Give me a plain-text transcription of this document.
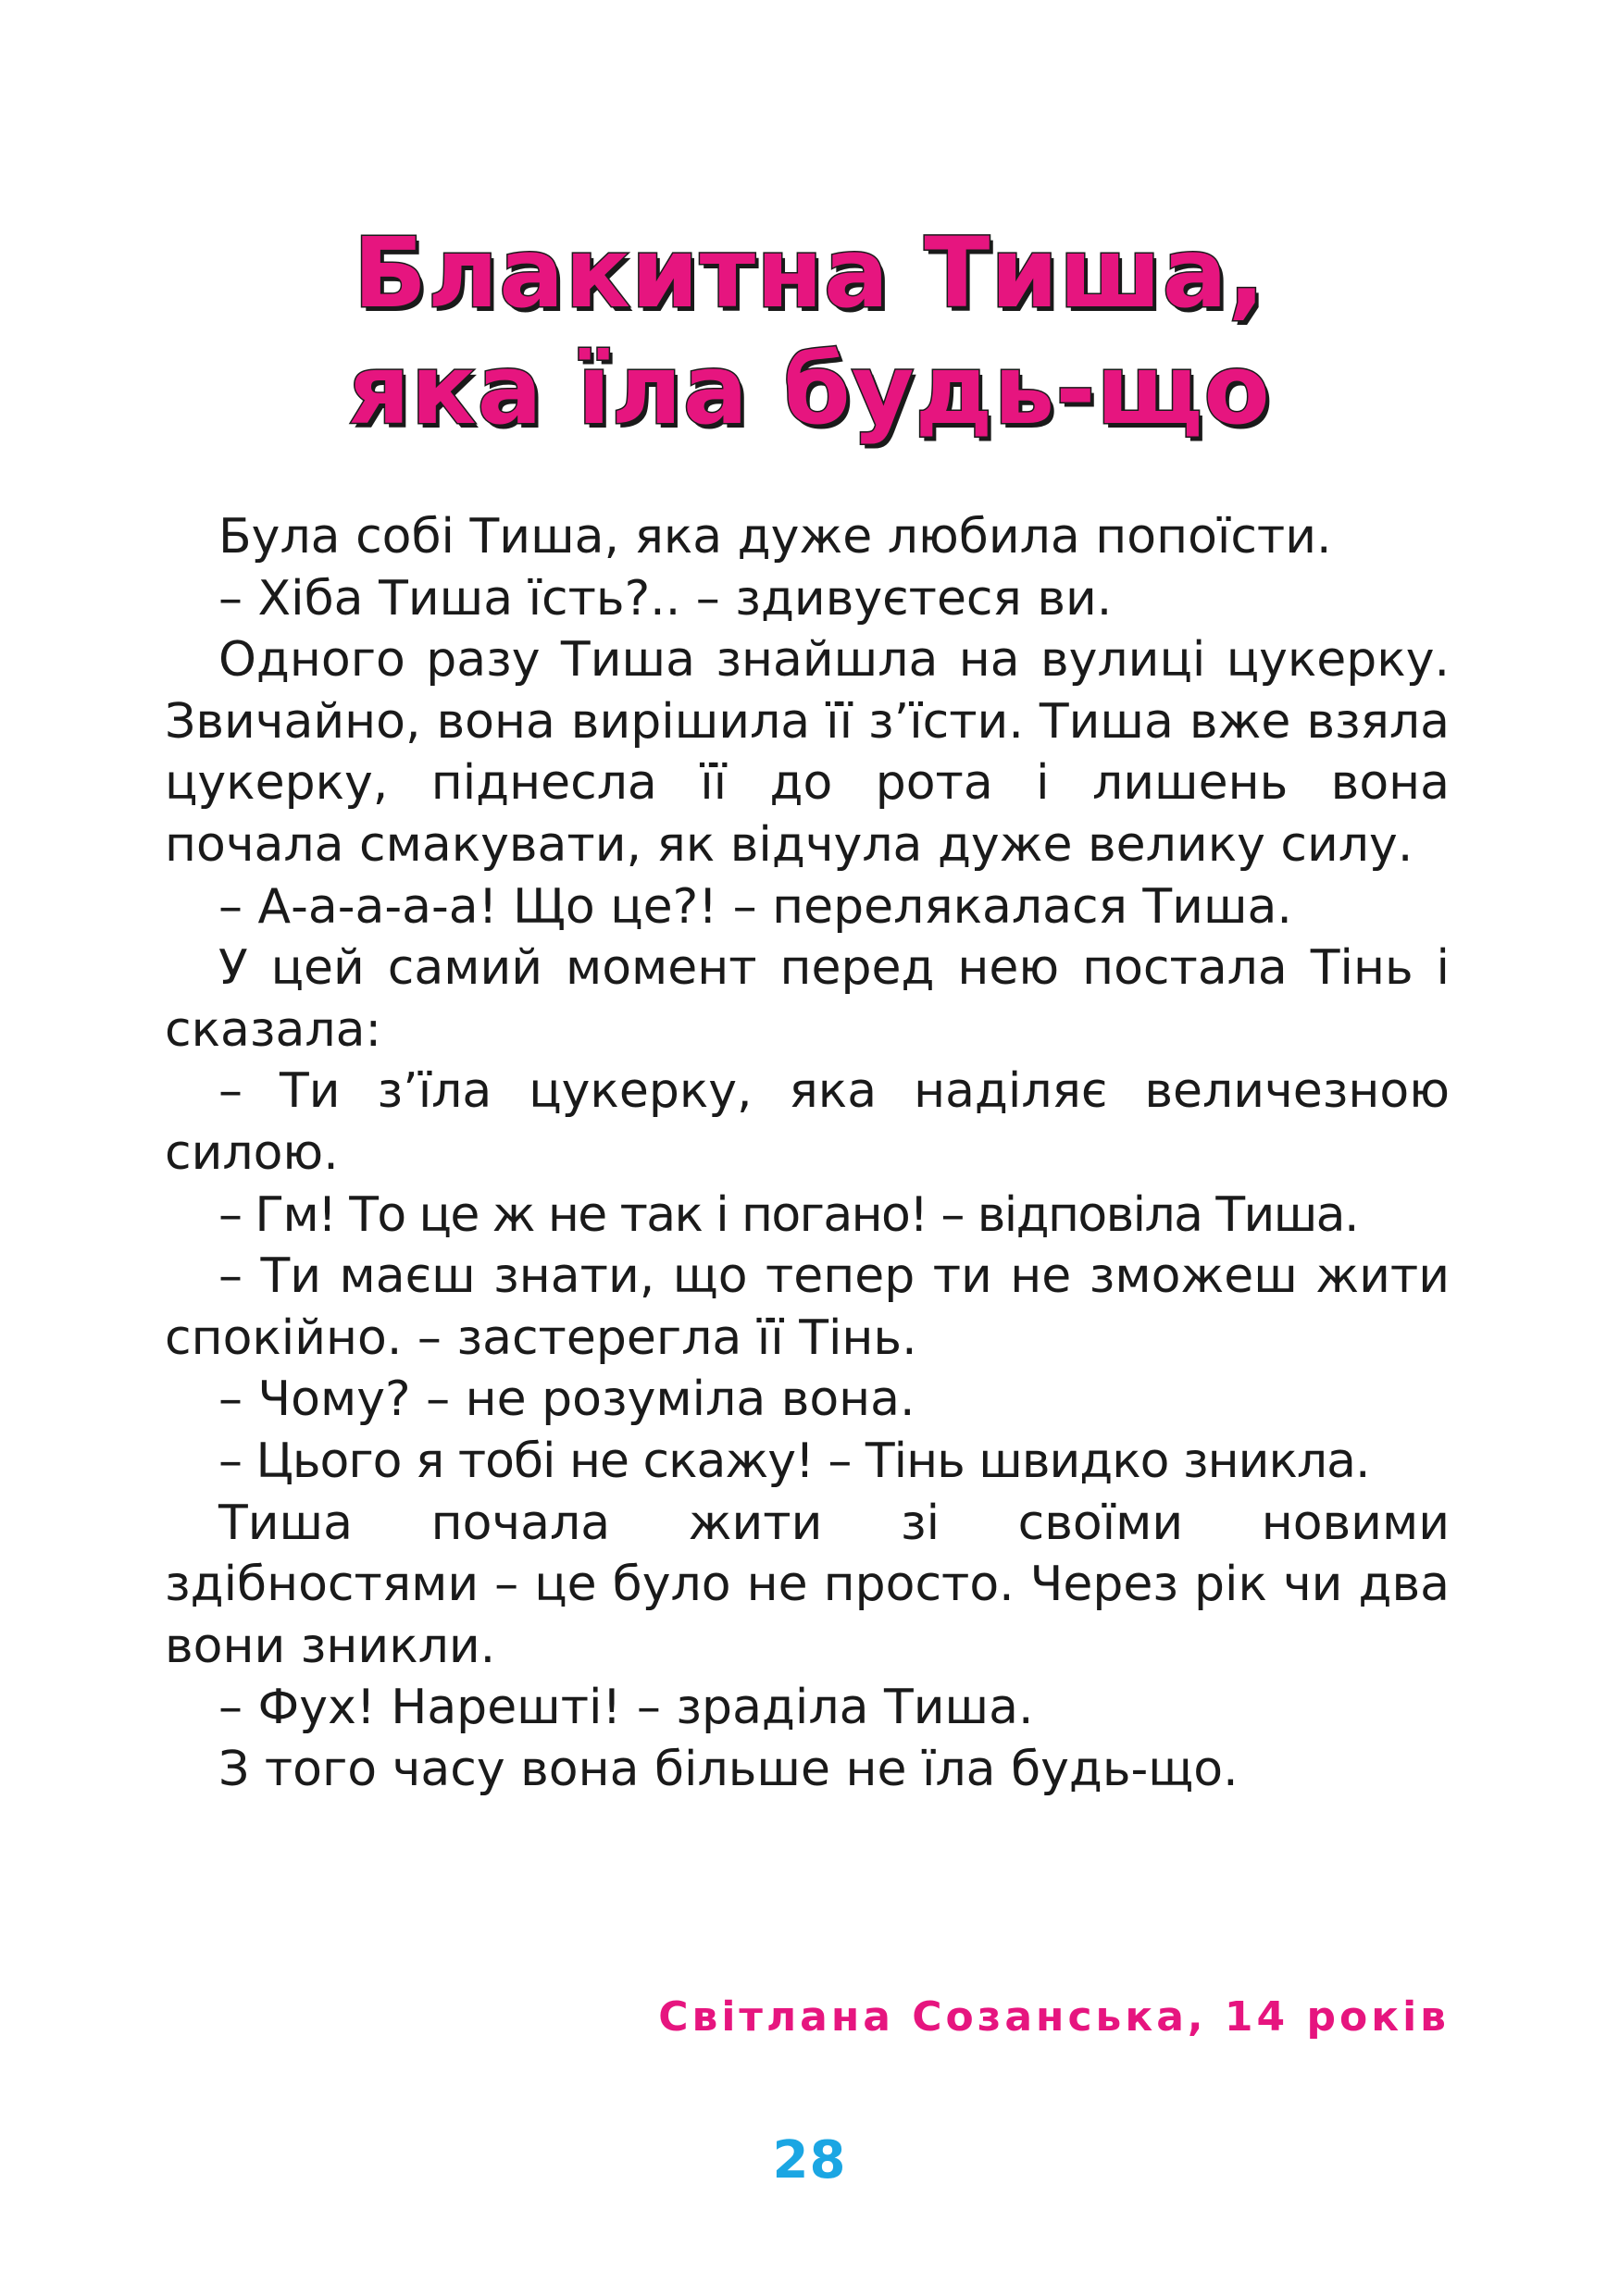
Блакитна Тиша,
яка їла будь-що

Була собі Тиша, яка дуже любила попоїсти.

– Хіба Тиша їсть?.. – здивуєтеся ви.

Одного разу Тиша знайшла на вулиці цукерку. Звичайно, вона вирішила її з’їсти. Тиша вже взяла цукерку, піднесла її до рота і лишень вона почала смакувати, як відчула дуже велику силу.

– А-а-а-а-а! Що це?! – перелякалася Тиша.

У цей самий момент перед нею постала Тінь і сказала:

– Ти з’їла цукерку, яка наділяє величезною силою.

– Гм! То це ж не так і погано! – відповіла Тиша.

– Ти маєш знати, що тепер ти не зможеш жити спокійно. – застерегла її Тінь.

– Чому? – не розуміла вона.

– Цього я тобі не скажу! – Тінь швидко зникла.

Тиша почала жити зі своїми новими здібностями – це було не просто. Через рік чи два вони зникли.

– Фух! Нарешті! – зраділа Тиша.

З того часу вона більше не їла будь-що.

Світлана Созанська, 14 років
28
